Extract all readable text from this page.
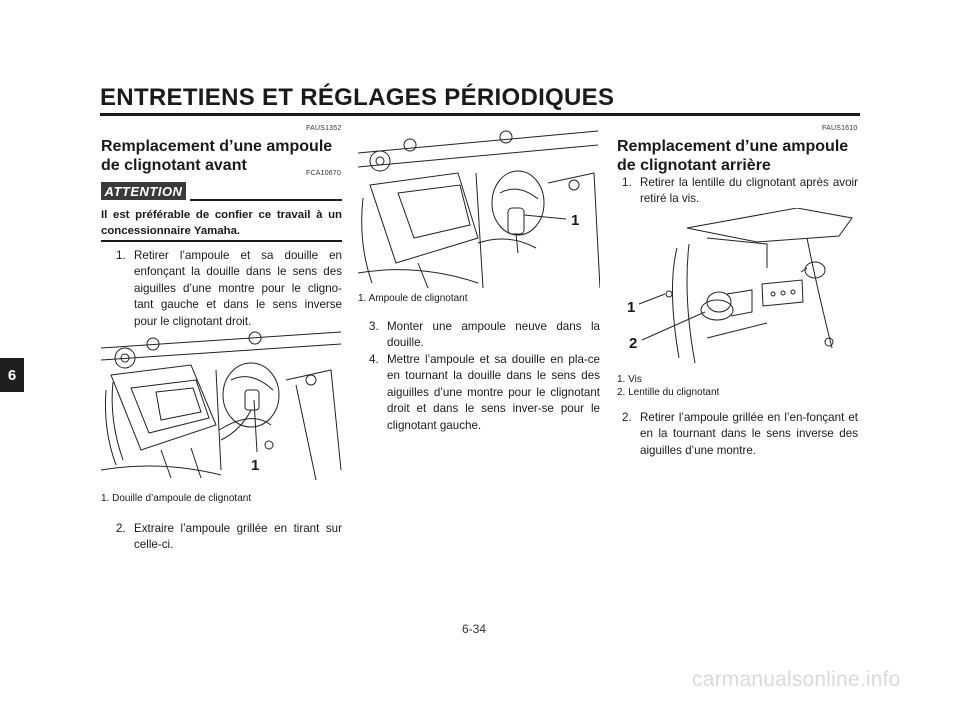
ENTRETIENS ET RÉGLAGES PÉRIODIQUES
6
FAUS1352
Remplacement d’une ampoule
de clignotant avant	FCA10670
ATTENTION
Il est préférable de confier ce travail à un concessionnaire Yamaha.
1. Retirer l’ampoule et sa douille en enfonçant la douille dans le sens des aiguilles d’une montre pour le cligno-tant gauche et dans le sens inverse pour le clignotant droit.
1
1. Douille d’ampoule de clignotant
2. Extraire l’ampoule grillée en tirant sur celle-ci.
1
1. Ampoule de clignotant
3. Monter une ampoule neuve dans la douille.
4. Mettre l’ampoule et sa douille en pla-ce en tournant la douille dans le sens des aiguilles d’une montre pour le clignotant droit et dans le sens inver-se pour le clignotant gauche.
FAUS1610
Remplacement d’une ampoule
de clignotant arrière
1. Retirer la lentille du clignotant après avoir retiré la vis.
1
2
1. Vis
2. Lentille du clignotant
2. Retirer l’ampoule grillée en l’en-fonçant et en la tournant dans le sens inverse des aiguilles d’une montre.
6-34
carmanualsonline.info
